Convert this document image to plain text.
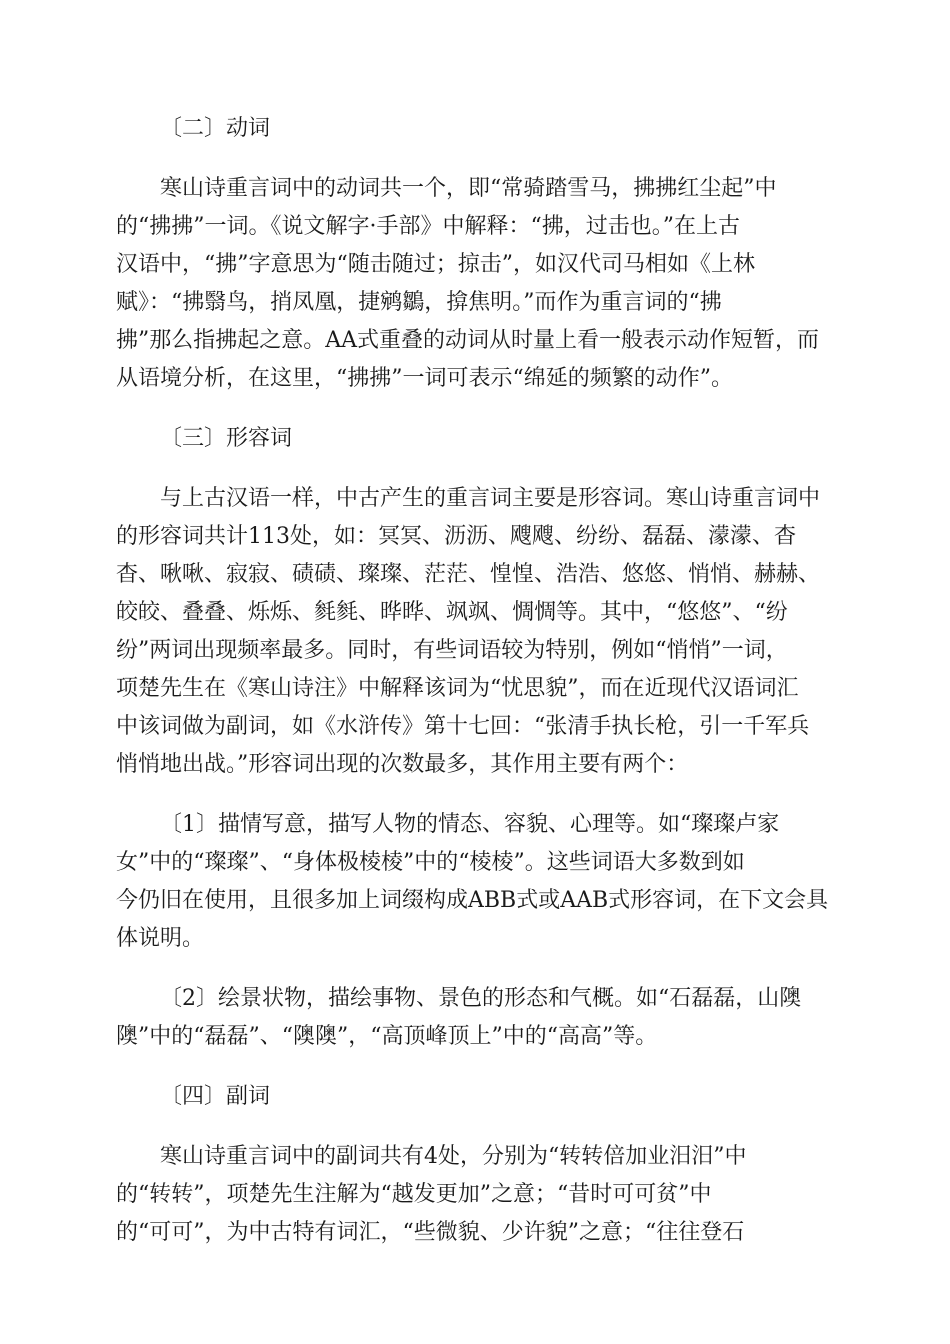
〔二〕动词
寒山诗重言词中的动词共一个，即“常骑踏雪马，拂拂红尘起”中
的“拂拂”一词。《说文解字·手部》中解释：“拂，过击也。”在上古
汉语中，“拂”字意思为“随击随过；掠击”，如汉代司马相如《上林
赋》：“拂翳鸟，捎凤凰，捷鹓鶵，揜焦明。”而作为重言词的“拂
拂”那么指拂起之意。AA式重叠的动词从时量上看一般表示动作短暂，而
从语境分析，在这里，“拂拂”一词可表示“绵延的频繁的动作”。
〔三〕形容词
与上古汉语一样，中古产生的重言词主要是形容词。寒山诗重言词中
的形容词共计113处，如：冥冥、沥沥、飕飕、纷纷、磊磊、濛濛、杳
杳、啾啾、寂寂、碛碛、璨璨、茫茫、惶惶、浩浩、悠悠、悄悄、赫赫、
皎皎、叠叠、烁烁、毵毵、晔晔、飒飒、惆惆等。其中，“悠悠”、“纷
纷”两词出现频率最多。同时，有些词语较为特别，例如“悄悄”一词，
项楚先生在《寒山诗注》中解释该词为“忧思貌”，而在近现代汉语词汇
中该词做为副词，如《水浒传》第十七回：“张清手执长枪，引一千军兵
悄悄地出战。”形容词出现的次数最多，其作用主要有两个：
〔1〕描情写意，描写人物的情态、容貌、心理等。如“璨璨卢家
女”中的“璨璨”、“身体极棱棱”中的“棱棱”。这些词语大多数到如
今仍旧在使用，且很多加上词缀构成ABB式或AAB式形容词，在下文会具
体说明。
〔2〕绘景状物，描绘事物、景色的形态和气概。如“石磊磊，山隩
隩”中的“磊磊”、“隩隩”，“高顶峰顶上”中的“高高”等。
〔四〕副词
寒山诗重言词中的副词共有4处，分别为“转转倍加业汨汨”中
的“转转”，项楚先生注解为“越发更加”之意；“昔时可可贫”中
的“可可”，为中古特有词汇，“些微貌、少许貌”之意；“往往登石
